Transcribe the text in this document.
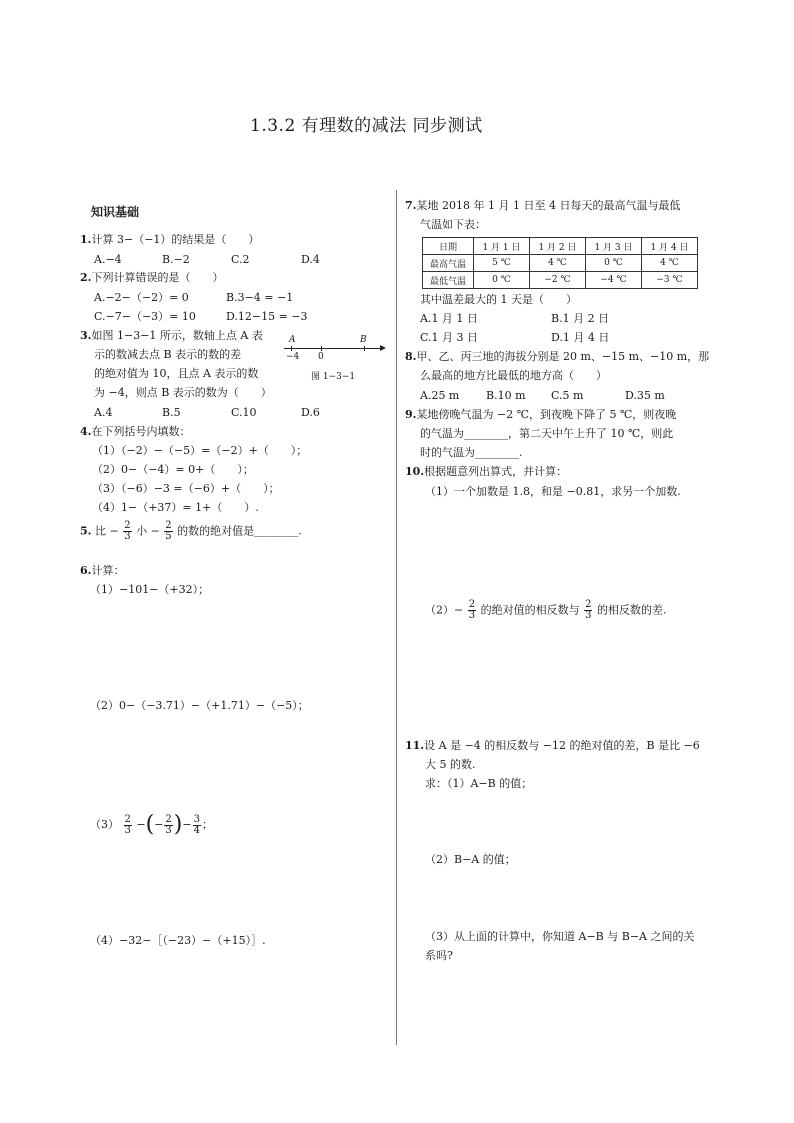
1.3.2 有理数的减法 同步测试
知识基础
1.计算 3−（−1）的结果是（　　）
A.−4	B.−2	C.2	D.4
2.下列计算错误的是（　　）
A.−2−（−2）= 0	B.3−4 = −1
C.−7−（−3）= 10	D.12−15 = −3
3.如图 1−3−1 所示，数轴上点 A 表
示的数减去点 B 表示的数的差
的绝对值为 10，且点 A 表示的数
为 −4，则点 B 表示的数为（　　）
A.4	B.5	C.10	D.6
A	B
−4 0
图 1−3−1
4.在下列括号内填数：
（1）（−2）−（−5）=（−2）+（　　）；
（2）0−（−4）= 0+（　　）；
（3）（−6）−3 =（−6）+（　　）；
（4）1−（+37）= 1+（　　）.
5. 比 − $\frac{2}{3}$ 小 − $\frac{2}{5}$ 的数的绝对值是________.
6.计算：
（1）−101−（+32）；
（2）0−（−3.71）−（+1.71）−（−5）；
$(3) \frac{2}{3}$ −(− $\frac{2}{3}$ )− $\frac{3}{4}$ ；
（4）−32−［（−23）−（+15）］.
7.某地 2018 年 1 月 1 日至 4 日每天的最高气温与最低
气温如下表：
日期	1 月 1 日	1 月 2 日	1 月 3 日	1 月 4 日
最高气温	5 ℃	4 ℃	0 ℃	4 ℃
最低气温	0 ℃	−2 ℃	−4 ℃	−3 ℃
其中温差最大的 1 天是（　　）
A.1 月 1 日	B.1 月 2 日
C.1 月 3 日	D.1 月 4 日
8.甲、乙、丙三地的海拔分别是 20 m、−15 m、−10 m，那
么最高的地方比最低的地方高（　　）
A.25 m B.10 m C.5 m	D.35 m
9.某地傍晚气温为 −2 ℃，到夜晚下降了 5 ℃，则夜晚
的气温为________，第二天中午上升了 10 ℃，则此
时的气温为________.
10.根据题意列出算式，并计算：
（1）一个加数是 1.8，和是 −0.81，求另一个加数.
$(2)- \frac{2}{3}$ 的绝对值的相反数与 $\frac{2}{3}$ 的相反数的差.
11.设 A 是 −4 的相反数与 −12 的绝对值的差，B 是比 −6
大 5 的数.
求：（1）A−B 的值；
（2）B−A 的值；
（3）从上面的计算中，你知道 A−B 与 B−A 之间的关
系吗?
